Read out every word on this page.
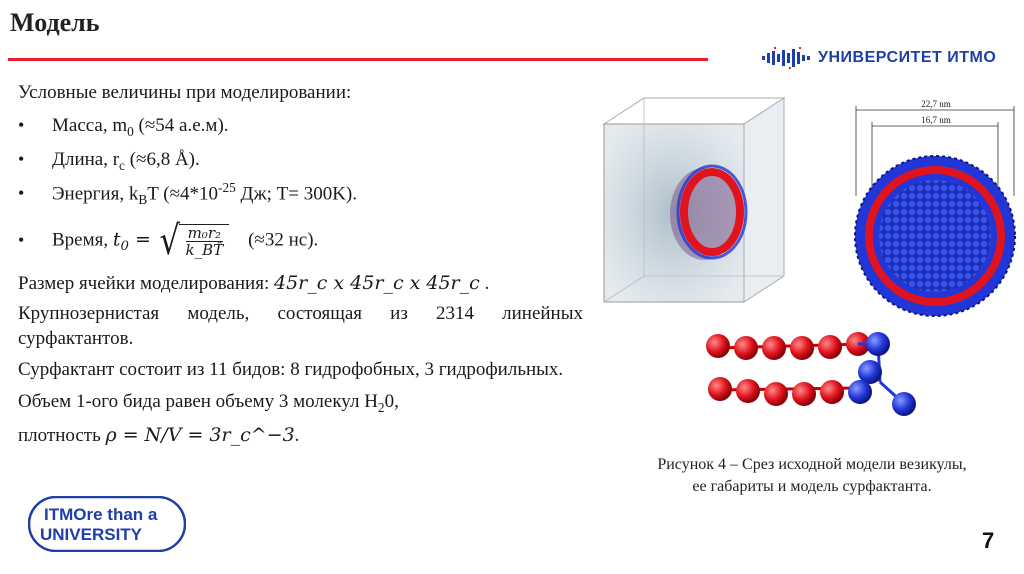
Модель
УНИВЕРСИТЕТ ИТМО
Условные величины при моделировании:
•	Масса, $m_0$ (≈54 а.е.м).
•	Длина, $r_c$ (≈6,8 Å).
•	Энергия, $k_BT$ ($\approx 4*10^{-25}$ Дж; T= 300K).
•	Время, $t_0$ = √ $\frac{\text{m₀r₂}}{k\_BT̂} (\approx 32$ нс).
Размер ячейки моделирования: 45r_c x 45r_c x 45r_c .
Крупнозернистая модель, состоящая из 2314 линейных сурфактантов.
Сурфактант состоит из 11 бидов: 8 гидрофобных, 3 гидрофильных.
Объем 1-ого бида равен объему 3 молекул $H_20$,
плотность ρ = N/V = 3r_c^−3.
22,7 nm
16,7 nm
Рисунок 4 – Срез исходной модели везикулы, ее габариты и модель сурфактанта.
ITMOre than a
UNIVERSITY	7
